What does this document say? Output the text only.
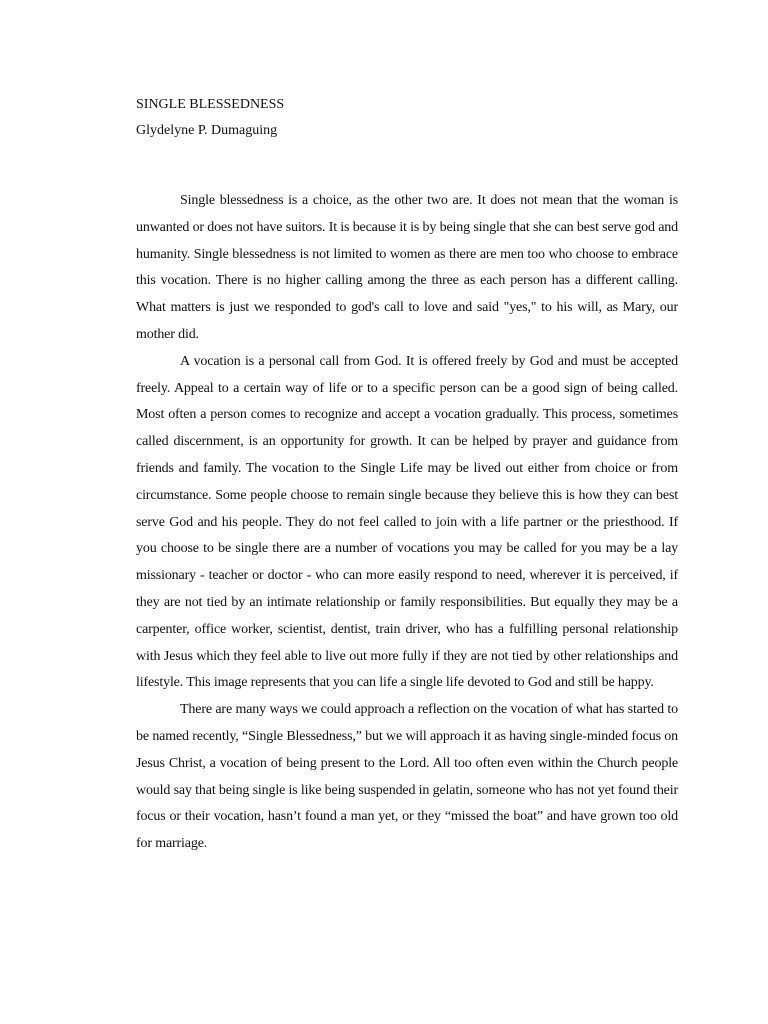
SINGLE BLESSEDNESS
Glydelyne P. Dumaguing

Single blessedness is a choice, as the other two are. It does not mean that the woman is unwanted or does not have suitors. It is because it is by being single that she can best serve god and humanity. Single blessedness is not limited to women as there are men too who choose to embrace this vocation. There is no higher calling among the three as each person has a different calling. What matters is just we responded to god's call to love and said "yes," to his will, as Mary, our mother did.

A vocation is a personal call from God. It is offered freely by God and must be accepted freely. Appeal to a certain way of life or to a specific person can be a good sign of being called. Most often a person comes to recognize and accept a vocation gradually. This process, sometimes called discernment, is an opportunity for growth. It can be helped by prayer and guidance from friends and family. The vocation to the Single Life may be lived out either from choice or from circumstance. Some people choose to remain single because they believe this is how they can best serve God and his people. They do not feel called to join with a life partner or the priesthood. If you choose to be single there are a number of vocations you may be called for you may be a lay missionary - teacher or doctor - who can more easily respond to need, wherever it is perceived, if they are not tied by an intimate relationship or family responsibilities. But equally they may be a carpenter, office worker, scientist, dentist, train driver, who has a fulfilling personal relationship with Jesus which they feel able to live out more fully if they are not tied by other relationships and lifestyle. This image represents that you can life a single life devoted to God and still be happy.

There are many ways we could approach a reflection on the vocation of what has started to be named recently, “Single Blessedness,” but we will approach it as having single-minded focus on Jesus Christ, a vocation of being present to the Lord. All too often even within the Church people would say that being single is like being suspended in gelatin, someone who has not yet found their focus or their vocation, hasn’t found a man yet, or they “missed the boat” and have grown too old for marriage.
